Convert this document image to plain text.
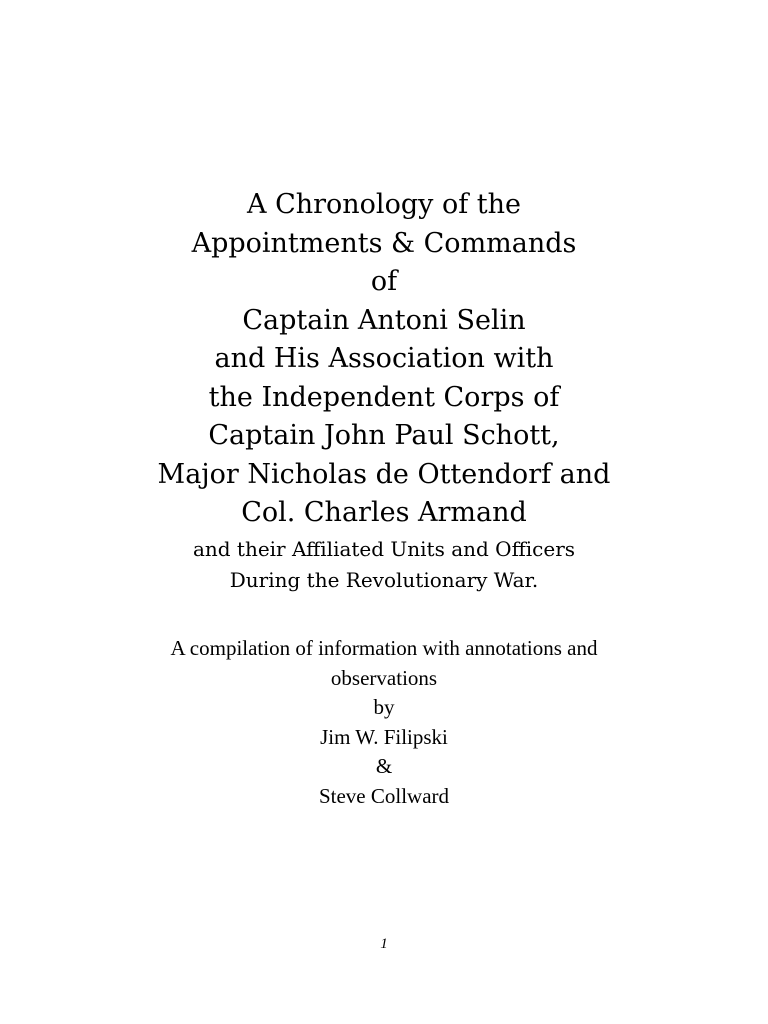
A Chronology of the
Appointments & Commands
of
Captain Antoni Selin
and His Association with
the Independent Corps of
Captain John Paul Schott,
Major Nicholas de Ottendorf and
Col. Charles Armand
and their Affiliated Units and Officers
During the Revolutionary War.
A compilation of information with annotations and
observations
by
Jim W. Filipski
&
Steve Collward
1
